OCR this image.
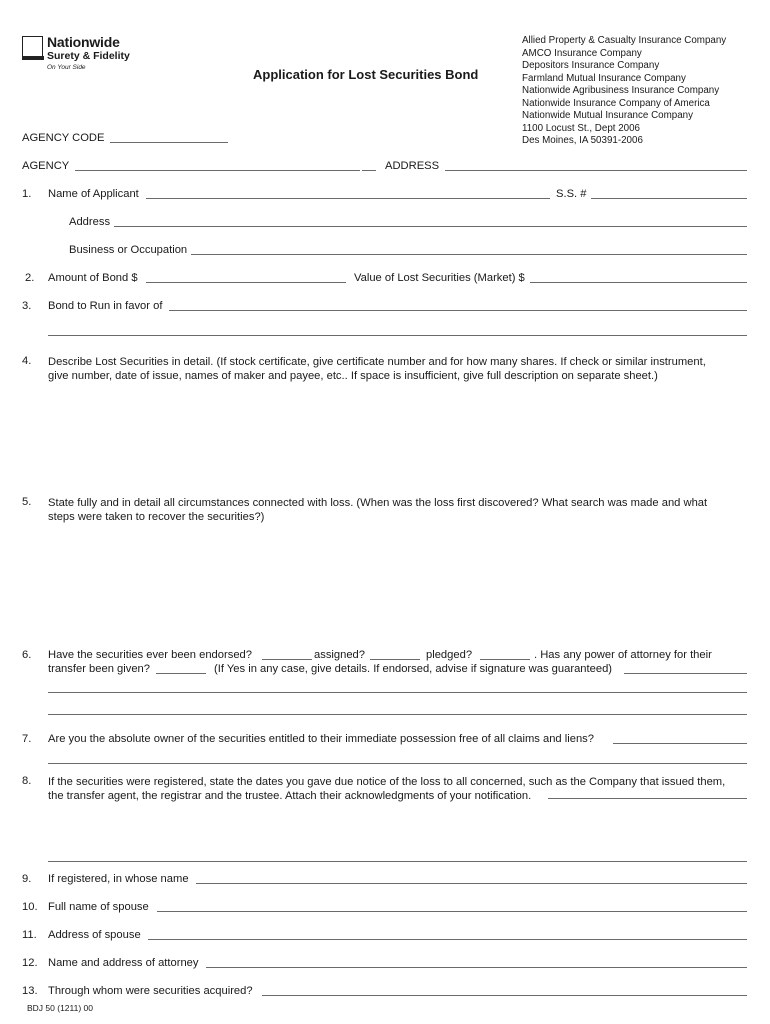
Nationwide
Surety & Fidelity
On Your Side	Application for Lost Securities Bond
Allied Property & Casualty Insurance Company
AMCO Insurance Company
Depositors Insurance Company
Farmland Mutual Insurance Company
Nationwide Agribusiness Insurance Company
Nationwide Insurance Company of America
Nationwide Mutual Insurance Company
1100 Locust St., Dept 2006
Des Moines, IA 50391-2006
AGENCY CODE
AGENCY	ADDRESS
1. Name of Applicant	S.S. #
Address
Business or Occupation
2. Amount of Bond $	Value of Lost Securities (Market) $
3. Bond to Run in favor of
4. Describe Lost Securities in detail. (If stock certificate, give certificate number and for how many shares. If check or similar instrument,
give number, date of issue, names of maker and payee, etc.. If space is insufficient, give full description on separate sheet.)
5. State fully and in detail all circumstances connected with loss. (When was the loss first discovered? What search was made and what
steps were taken to recover the securities?)
6. Have the securities ever been endorsed?	assigned?	pledged?	. Has any power of attorney for their
transfer been given?	(If Yes in any case, give details. If endorsed, advise if signature was guaranteed)
7. Are you the absolute owner of the securities entitled to their immediate possession free of all claims and liens?
8. If the securities were registered, state the dates you gave due notice of the loss to all concerned, such as the Company that issued them,
the transfer agent, the registrar and the trustee. Attach their acknowledgments of your notification.
9. If registered, in whose name
10. Full name of spouse
11. Address of spouse
12. Name and address of attorney
13. Through whom were securities acquired?
BDJ 50 (1211) 00
